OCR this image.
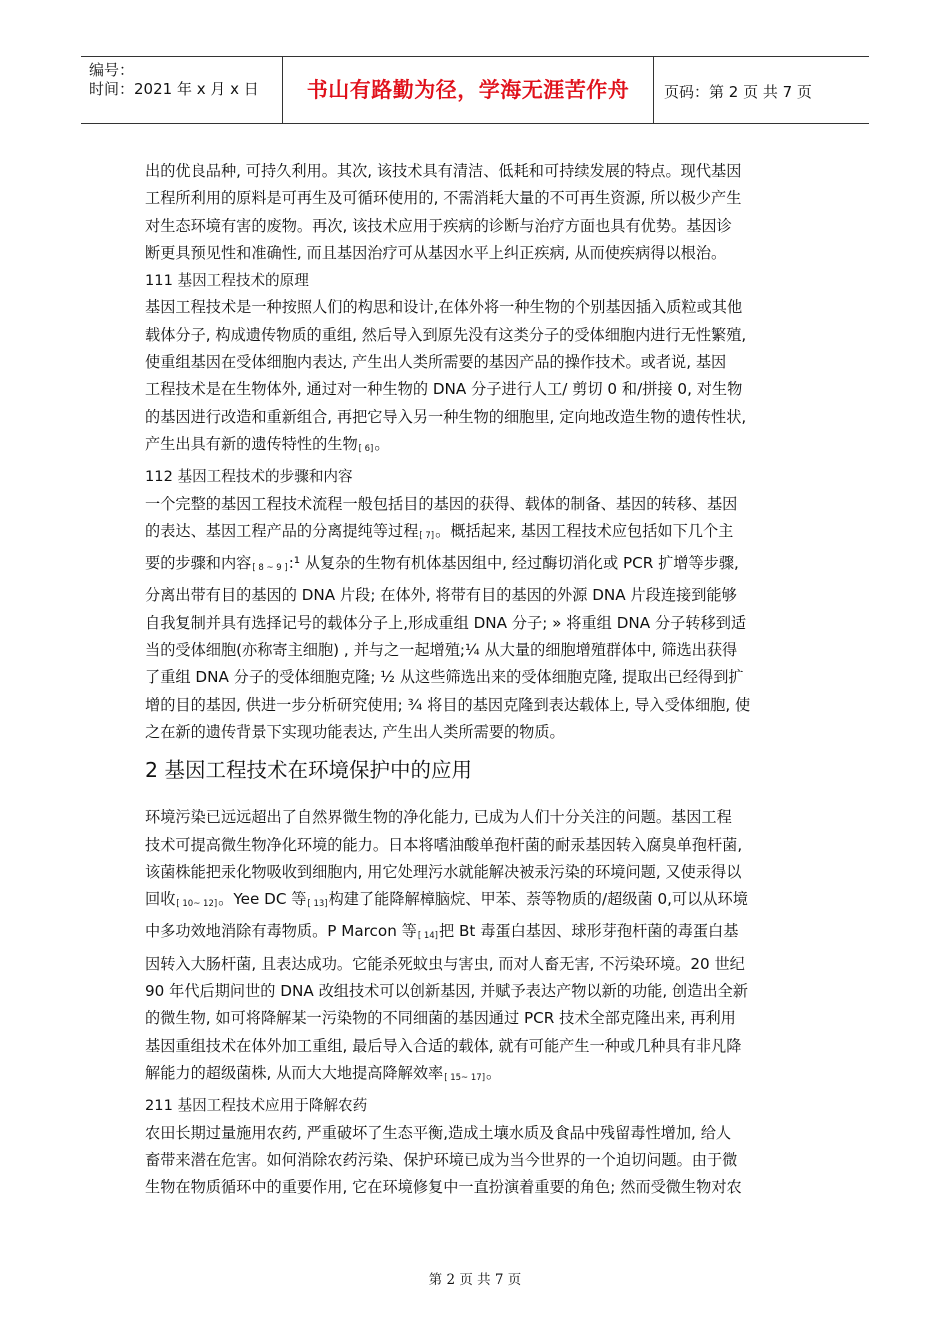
编号：
时间：2021 年 x 月 x 日	书山有路勤为径，学海无涯苦作舟	页码：第 2 页 共 7 页
出的优良品种, 可持久利用。其次, 该技术具有清洁、低耗和可持续发展的特点。现代基因
工程所利用的原料是可再生及可循环使用的, 不需消耗大量的不可再生资源, 所以极少产生
对生态环境有害的废物。再次, 该技术应用于疾病的诊断与治疗方面也具有优势。基因诊
断更具预见性和准确性, 而且基因治疗可从基因水平上纠正疾病, 从而使疾病得以根治。
111 基因工程技术的原理
基因工程技术是一种按照人们的构思和设计,在体外将一种生物的个别基因插入质粒或其他
载体分子, 构成遗传物质的重组, 然后导入到原先没有这类分子的受体细胞内进行无性繁殖,
使重组基因在受体细胞内表达, 产生出人类所需要的基因产品的操作技术。或者说, 基因
工程技术是在生物体外, 通过对一种生物的 DNA 分子进行人工/ 剪切 0 和/拼接 0, 对生物
的基因进行改造和重新组合, 再把它导入另一种生物的细胞里, 定向地改造生物的遗传性状,
产生出具有新的遗传特性的生物[ 6]。
112 基因工程技术的步骤和内容
一个完整的基因工程技术流程一般包括目的基因的获得、载体的制备、基因的转移、基因
的表达、基因工程产品的分离提纯等过程[ 7]。概括起来, 基因工程技术应包括如下几个主
要的步骤和内容[ 8 ~ 9 ]:¹ 从复杂的生物有机体基因组中, 经过酶切消化或 PCR 扩增等步骤,
分离出带有目的基因的 DNA 片段; 在体外, 将带有目的基因的外源 DNA 片段连接到能够
自我复制并具有选择记号的载体分子上,形成重组 DNA 分子; » 将重组 DNA 分子转移到适
当的受体细胞(亦称寄主细胞) , 并与之一起增殖;¼ 从大量的细胞增殖群体中, 筛选出获得
了重组 DNA 分子的受体细胞克隆; ½ 从这些筛选出来的受体细胞克隆, 提取出已经得到扩
增的目的基因, 供进一步分析研究使用; ¾ 将目的基因克隆到表达载体上, 导入受体细胞, 使
之在新的遗传背景下实现功能表达, 产生出人类所需要的物质。
2 基因工程技术在环境保护中的应用
环境污染已远远超出了自然界微生物的净化能力, 已成为人们十分关注的问题。基因工程
技术可提高微生物净化环境的能力。日本将嗜油酸单孢杆菌的耐汞基因转入腐臭单孢杆菌,
该菌株能把汞化物吸收到细胞内, 用它处理污水就能解决被汞污染的环境问题, 又使汞得以
回收[ 10~ 12]。Yee DC 等[ 13]构建了能降解樟脑烷、甲苯、萘等物质的/超级菌 0,可以从环境
中多功效地消除有毒物质。P Marcon 等[ 14]把 Bt 毒蛋白基因、球形芽孢杆菌的毒蛋白基
因转入大肠杆菌, 且表达成功。它能杀死蚊虫与害虫, 而对人畜无害, 不污染环境。20 世纪
90 年代后期问世的 DNA 改组技术可以创新基因, 并赋予表达产物以新的功能, 创造出全新
的微生物, 如可将降解某一污染物的不同细菌的基因通过 PCR 技术全部克隆出来, 再利用
基因重组技术在体外加工重组, 最后导入合适的载体, 就有可能产生一种或几种具有非凡降
解能力的超级菌株, 从而大大地提高降解效率[ 15~ 17]。
211 基因工程技术应用于降解农药
农田长期过量施用农药, 严重破坏了生态平衡,造成土壤水质及食品中残留毒性增加, 给人
畜带来潜在危害。如何消除农药污染、保护环境已成为当今世界的一个迫切问题。由于微
生物在物质循环中的重要作用, 它在环境修复中一直扮演着重要的角色; 然而受微生物对农
第 2 页 共 7 页
